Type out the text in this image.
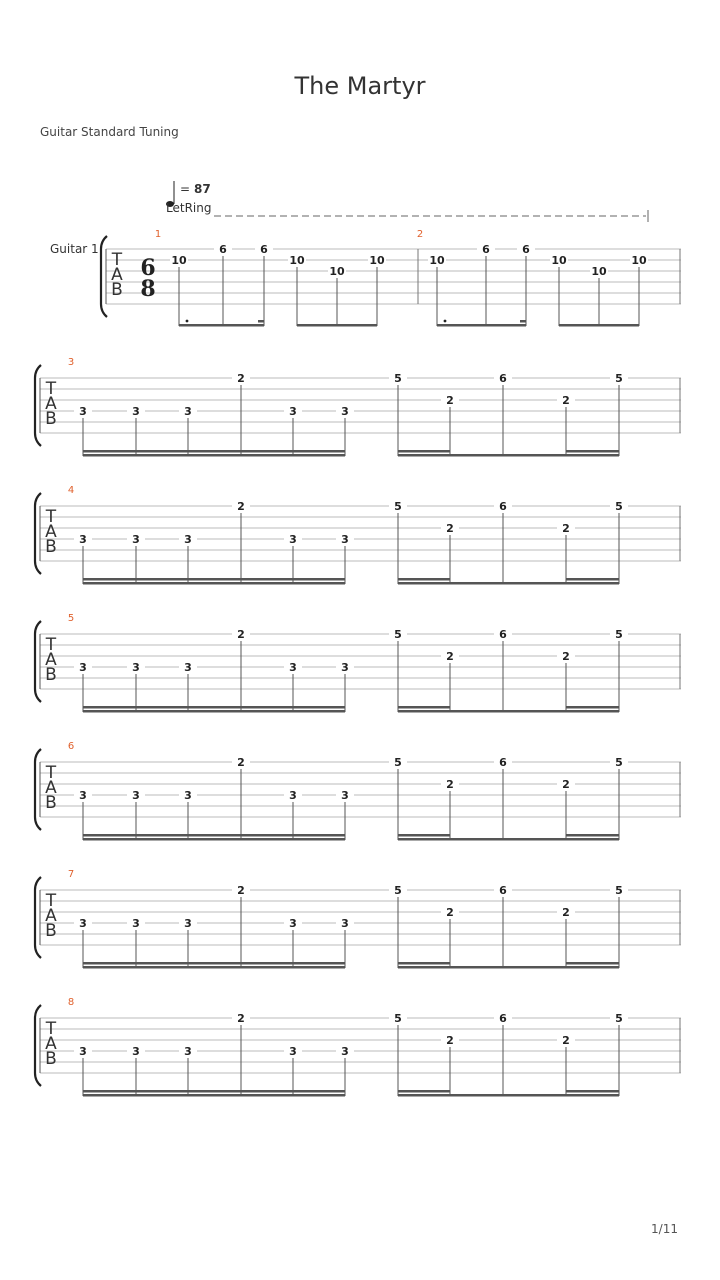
The Martyr
Guitar Standard Tuning
1/11
= 87
LetRing
Guitar 1
T
A
B
6
8
1
10
6	6
10
10
10
2
10
6	6
10
10
10
T
A
B
3
3	3	3
2
3	3
5
2
6
2
5
T
A
B
4
3	3	3
2
3	3
5
2
6
2
5
T
A
B
5
3	3	3
2
3	3
5
2
6
2
5
T
A
B
6
3	3	3
2
3	3
5
2
6
2
5
T
A
B
7
3	3	3
2
3	3
5
2
6
2
5
T
A
B
8
3	3	3
2
3	3
5
2
6
2
5
